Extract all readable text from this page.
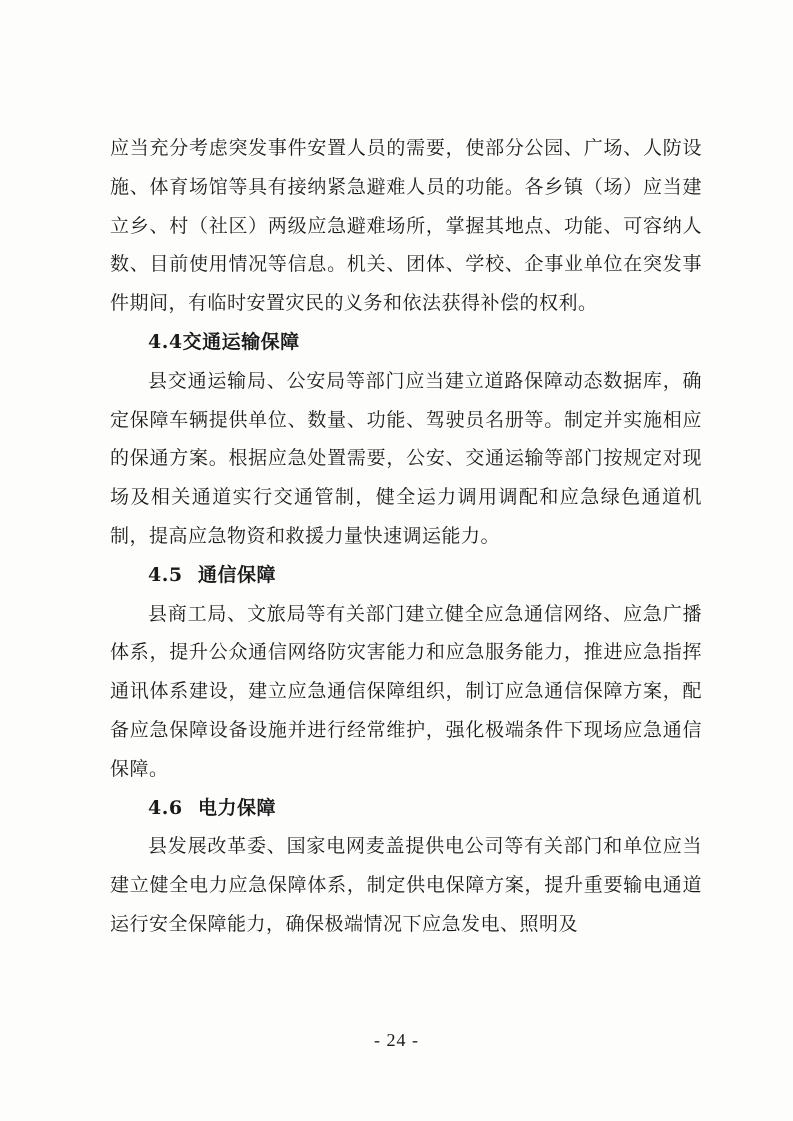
应当充分考虑突发事件安置人员的需要，使部分公园、广场、人防设施、体育场馆等具有接纳紧急避难人员的功能。各乡镇（场）应当建立乡、村（社区）两级应急避难场所，掌握其地点、功能、可容纳人数、目前使用情况等信息。机关、团体、学校、企事业单位在突发事件期间，有临时安置灾民的义务和依法获得补偿的权利。

4.4交通运输保障

县交通运输局、公安局等部门应当建立道路保障动态数据库，确定保障车辆提供单位、数量、功能、驾驶员名册等。制定并实施相应的保通方案。根据应急处置需要，公安、交通运输等部门按规定对现场及相关通道实行交通管制，健全运力调用调配和应急绿色通道机制，提高应急物资和救援力量快速调运能力。

4.5 通信保障

县商工局、文旅局等有关部门建立健全应急通信网络、应急广播体系，提升公众通信网络防灾害能力和应急服务能力，推进应急指挥通讯体系建设，建立应急通信保障组织，制订应急通信保障方案，配备应急保障设备设施并进行经常维护，强化极端条件下现场应急通信保障。

4.6 电力保障

县发展改革委、国家电网麦盖提供电公司等有关部门和单位应当建立健全电力应急保障体系，制定供电保障方案，提升重要输电通道运行安全保障能力，确保极端情况下应急发电、照明及

- 24 -
